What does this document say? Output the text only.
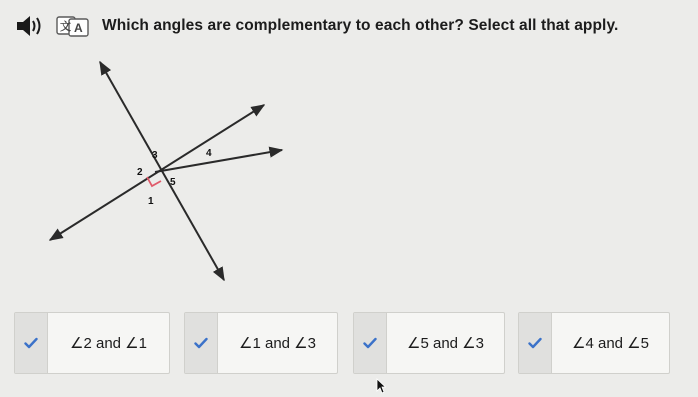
文 A Which angles are complementary to each other? Select all that apply.
3	4
2
5
1
∠2 and ∠1	∠1 and ∠3	∠5 and ∠3	∠4 and ∠5
